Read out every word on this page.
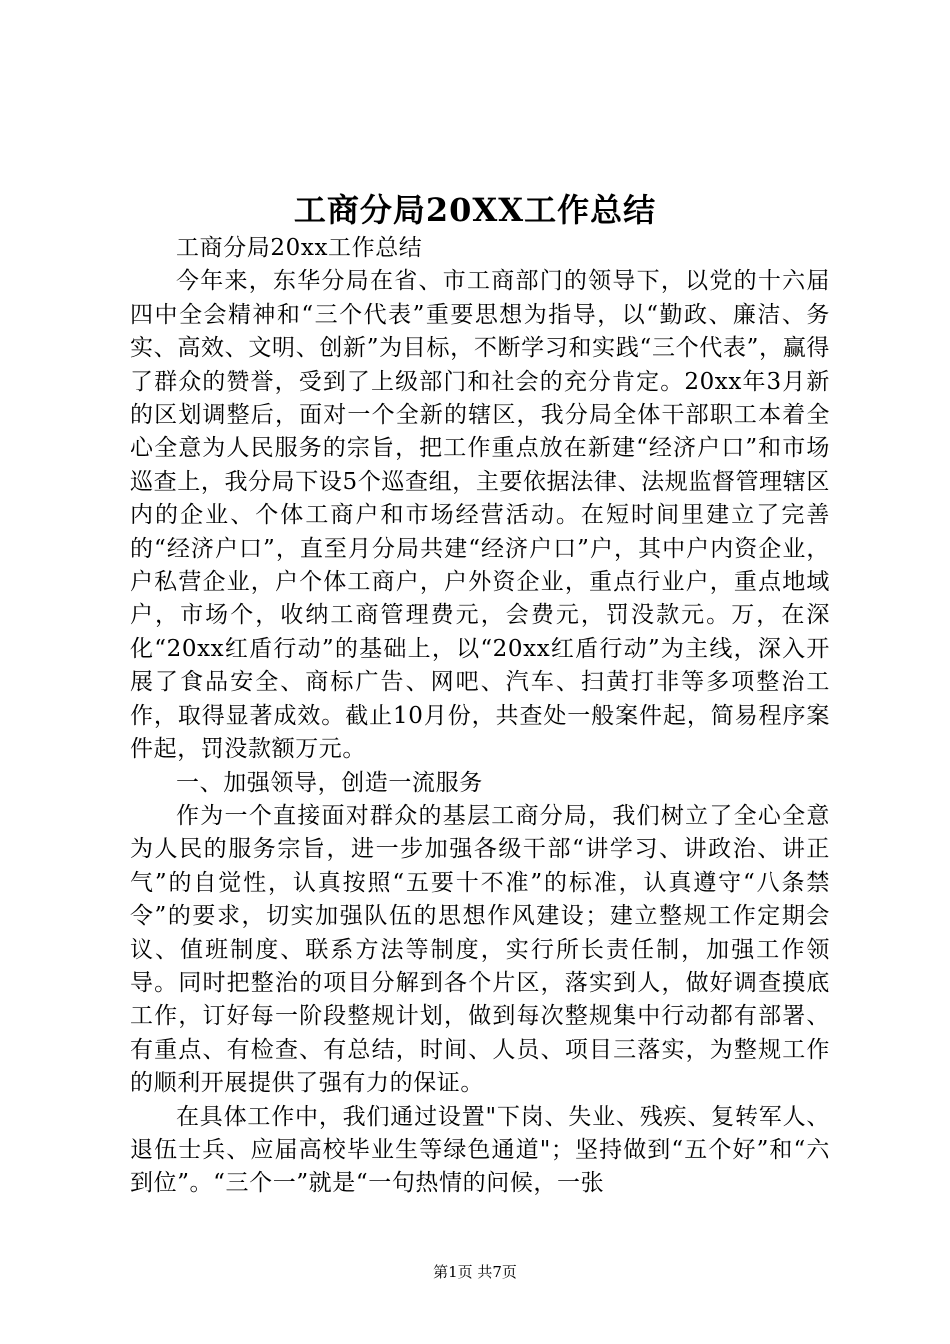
工商分局20XX工作总结

工商分局20xx工作总结

今年来，东华分局在省、市工商部门的领导下，以党的十六届四中全会精神和“三个代表”重要思想为指导，以“勤政、廉洁、务实、高效、文明、创新”为目标，不断学习和实践“三个代表”，赢得了群众的赞誉，受到了上级部门和社会的充分肯定。20xx年3月新的区划调整后，面对一个全新的辖区，我分局全体干部职工本着全心全意为人民服务的宗旨，把工作重点放在新建“经济户口”和市场巡查上，我分局下设5个巡查组，主要依据法律、法规监督管理辖区内的企业、个体工商户和市场经营活动。在短时间里建立了完善的“经济户口”，直至月分局共建“经济户口”户，其中户内资企业，户私营企业，户个体工商户，户外资企业，重点行业户，重点地域户，市场个，收纳工商管理费元，会费元，罚没款元。万，在深化“20xx红盾行动”的基础上，以“20xx红盾行动”为主线，深入开展了食品安全、商标广告、网吧、汽车、扫黄打非等多项整治工作，取得显著成效。截止10月份，共查处一般案件起，简易程序案件起，罚没款额万元。

一、加强领导，创造一流服务

作为一个直接面对群众的基层工商分局，我们树立了全心全意为人民的服务宗旨，进一步加强各级干部“讲学习、讲政治、讲正气”的自觉性，认真按照“五要十不准”的标准，认真遵守“八条禁令”的要求，切实加强队伍的思想作风建设；建立整规工作定期会议、值班制度、联系方法等制度，实行所长责任制，加强工作领导。同时把整治的项目分解到各个片区，落实到人，做好调查摸底工作，订好每一阶段整规计划，做到每次整规集中行动都有部署、有重点、有检查、有总结，时间、人员、项目三落实，为整规工作的顺利开展提供了强有力的保证。

在具体工作中，我们通过设置"下岗、失业、残疾、复转军人、退伍士兵、应届高校毕业生等绿色通道"；坚持做到“五个好”和“六到位”。“三个一”就是“一句热情的问候，一张

第1页 共7页
